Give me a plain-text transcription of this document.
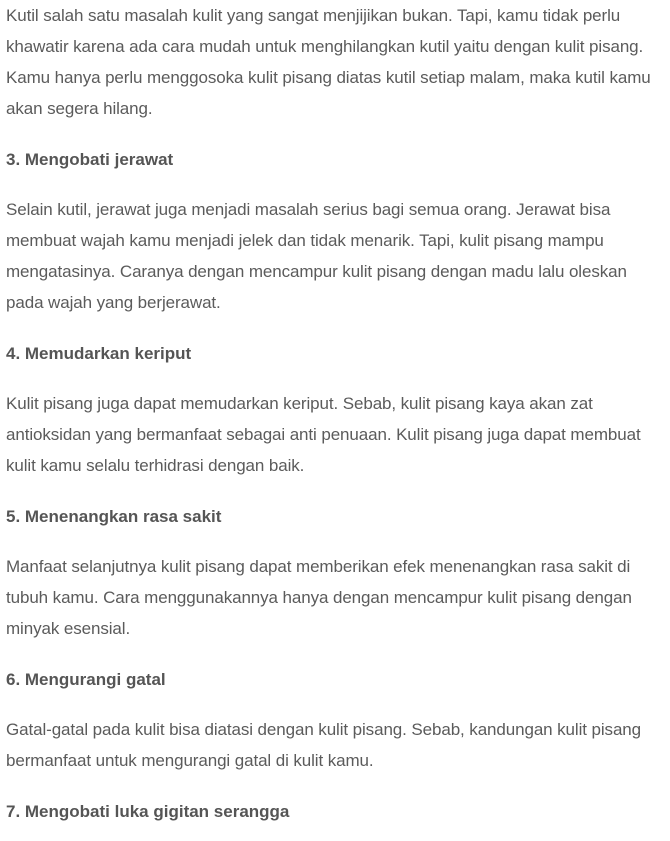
Kutil salah satu masalah kulit yang sangat menjijikan bukan. Tapi, kamu tidak perlu khawatir karena ada cara mudah untuk menghilangkan kutil yaitu dengan kulit pisang. Kamu hanya perlu menggosoka kulit pisang diatas kutil setiap malam, maka kutil kamu akan segera hilang.

3. Mengobati jerawat

Selain kutil, jerawat juga menjadi masalah serius bagi semua orang. Jerawat bisa membuat wajah kamu menjadi jelek dan tidak menarik. Tapi, kulit pisang mampu mengatasinya. Caranya dengan mencampur kulit pisang dengan madu lalu oleskan pada wajah yang berjerawat.

4. Memudarkan keriput

Kulit pisang juga dapat memudarkan keriput. Sebab, kulit pisang kaya akan zat antioksidan yang bermanfaat sebagai anti penuaan. Kulit pisang juga dapat membuat kulit kamu selalu terhidrasi dengan baik.

5. Menenangkan rasa sakit

Manfaat selanjutnya kulit pisang dapat memberikan efek menenangkan rasa sakit di tubuh kamu. Cara menggunakannya hanya dengan mencampur kulit pisang dengan minyak esensial.

6. Mengurangi gatal

Gatal-gatal pada kulit bisa diatasi dengan kulit pisang. Sebab, kandungan kulit pisang bermanfaat untuk mengurangi gatal di kulit kamu.

7. Mengobati luka gigitan serangga
